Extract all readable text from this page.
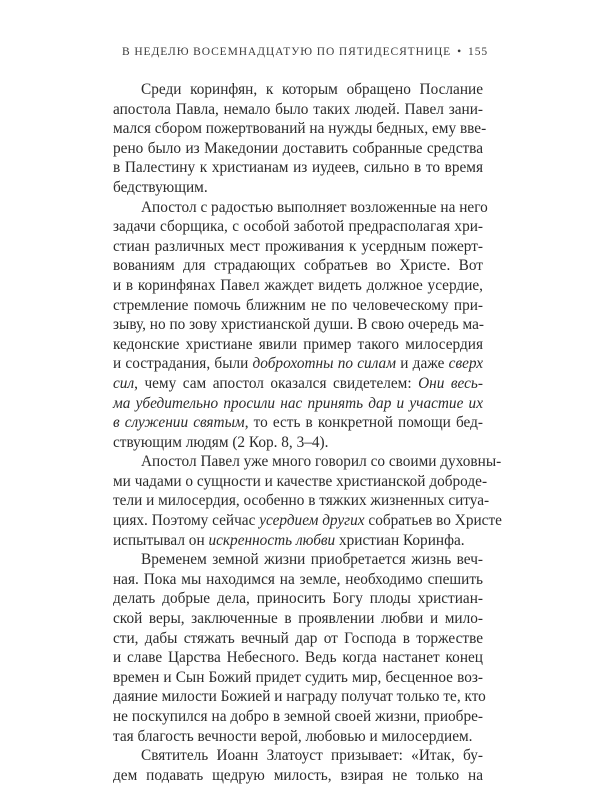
В НЕДЕЛЮ ВОСЕМНАДЦАТУЮ ПО ПЯТИДЕСЯТНИЦЕ • 155

Среди коринфян, к которым обращено Послание
апостола Павла, немало было таких людей. Павел зани-
мался сбором пожертвований на нужды бедных, ему вве-
рено было из Македонии доставить собранные средства
в Палестину к христианам из иудеев, сильно в то время
бедствующим.

Апостол с радостью выполняет возложенные на него
задачи сборщика, с особой заботой предрасполагая хри-
стиан различных мест проживания к усердным пожерт-
вованиям для страдающих собратьев во Христе. Вот
и в коринфянах Павел жаждет видеть должное усердие,
стремление помочь ближним не по человеческому при-
зыву, но по зову христианской души. В свою очередь ма-
кедонские христиане явили пример такого милосердия
и сострадания, были доброхотны по силам и даже сверх
сил, чему сам апостол оказался свидетелем: Они весь-
ма убедительно просили нас принять дар и участие их
в служении святым, то есть в конкретной помощи бед-
ствующим людям (2 Кор. 8, 3–4).

Апостол Павел уже много говорил со своими духовны-
ми чадами о сущности и качестве христианской доброде-
тели и милосердия, особенно в тяжких жизненных ситуа-
циях. Поэтому сейчас усердием других собратьев во Христе
испытывал он искренность любви христиан Коринфа.

Временем земной жизни приобретается жизнь веч-
ная. Пока мы находимся на земле, необходимо спешить
делать добрые дела, приносить Богу плоды христиан-
ской веры, заключенные в проявлении любви и мило-
сти, дабы стяжать вечный дар от Господа в торжестве
и славе Царства Небесного. Ведь когда настанет конец
времен и Сын Божий придет судить мир, бесценное воз-
даяние милости Божией и награду получат только те, кто
не поскупился на добро в земной своей жизни, приобре-
тая благость вечности верой, любовью и милосердием.

Святитель Иоанн Златоуст призывает: «Итак, бу-
дем подавать щедрую милость, взирая не только на
